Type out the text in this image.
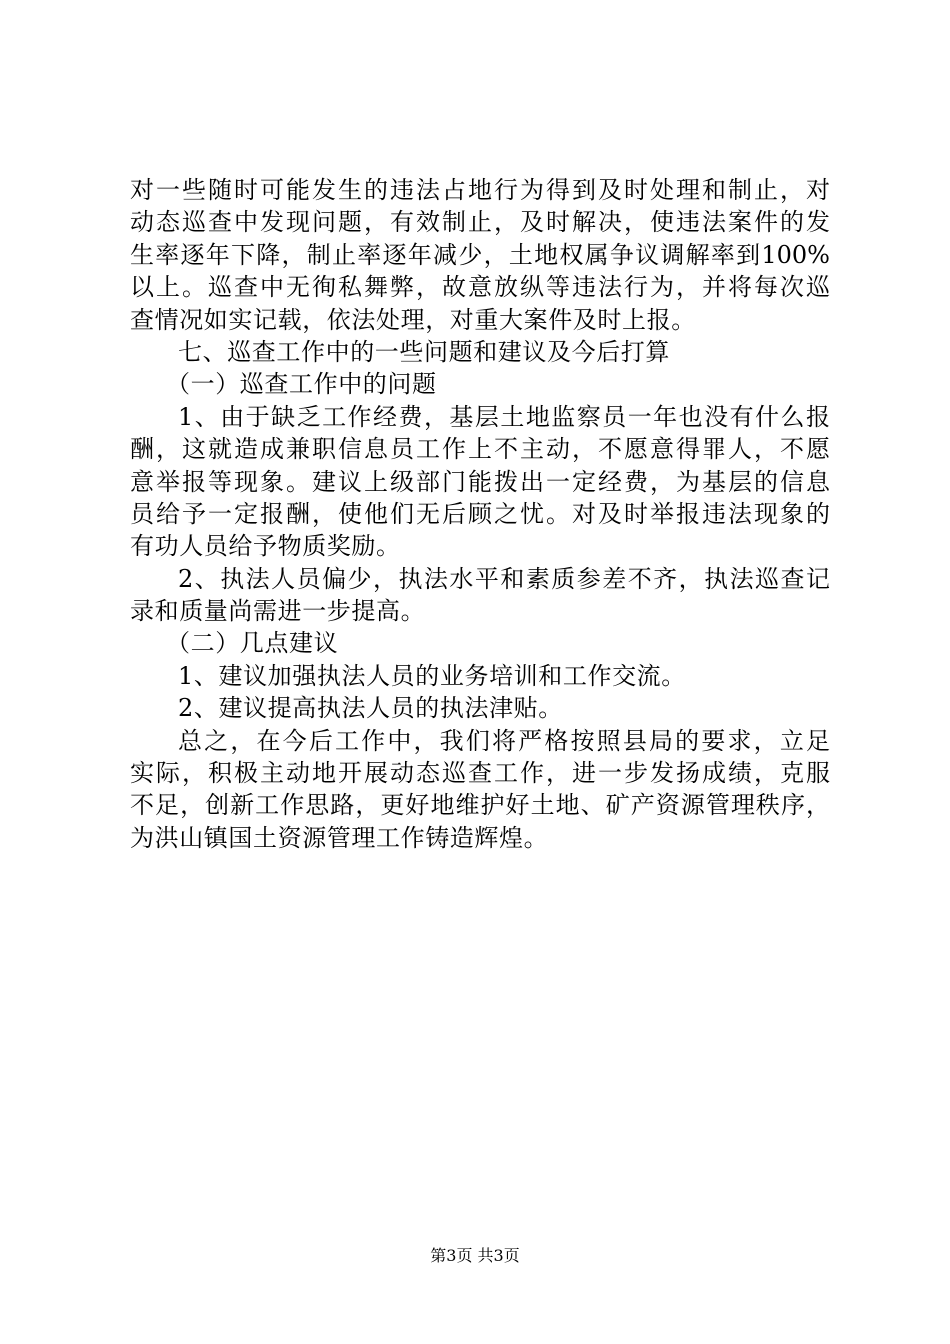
对一些随时可能发生的违法占地行为得到及时处理和制止，对
动态巡查中发现问题，有效制止，及时解决，使违法案件的发
生率逐年下降，制止率逐年减少，土地权属争议调解率到100%
以上。巡查中无徇私舞弊，故意放纵等违法行为，并将每次巡
查情况如实记载，依法处理，对重大案件及时上报。
七、巡查工作中的一些问题和建议及今后打算
（一）巡查工作中的问题
1、由于缺乏工作经费，基层土地监察员一年也没有什么报
酬，这就造成兼职信息员工作上不主动，不愿意得罪人，不愿
意举报等现象。建议上级部门能拨出一定经费，为基层的信息
员给予一定报酬，使他们无后顾之忧。对及时举报违法现象的
有功人员给予物质奖励。
2、执法人员偏少，执法水平和素质参差不齐，执法巡查记
录和质量尚需进一步提高。
（二）几点建议
1、建议加强执法人员的业务培训和工作交流。
2、建议提高执法人员的执法津贴。
总之，在今后工作中，我们将严格按照县局的要求，立足
实际，积极主动地开展动态巡查工作，进一步发扬成绩，克服
不足，创新工作思路，更好地维护好土地、矿产资源管理秩序，
为洪山镇国土资源管理工作铸造辉煌。
第3页 共3页
